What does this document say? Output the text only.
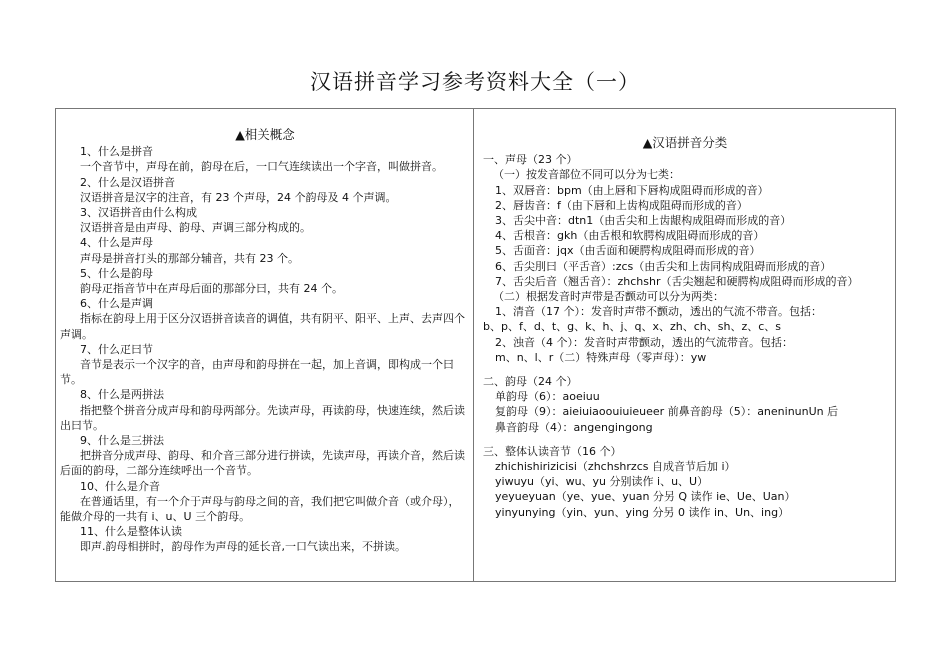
汉语拼音学习参考资料大全（一）
▲相关概念
1、什么是拼音
一个音节中，声母在前，韵母在后，一口气连续读出一个字音，叫做拼音。
2、什么是汉语拼音
汉语拼音是汉字的注音，有 23 个声母，24 个韵母及 4 个声调。
3、汉语拼音由什么构成
汉语拼音是由声母、韵母、声调三部分构成的。
4、什么是声母
声母是拼音打头的那部分辅音，共有 23 个。
5、什么是韵母
韵母疋指音节中在声母后面的那部分曰，共有 24 个。
6、什么是声调
指标在韵母上用于区分汉语拼音读音的调值，共有阴平、阳平、上声、去声四个声调。
7、什么疋曰节
音节是表示一个汉字的音，由声母和韵母拼在一起，加上音调，即构成一个曰节。
8、什么是两拼法
指把整个拼音分成声母和韵母两部分。先读声母，再读韵母，快速连续，然后读出曰节。
9、什么是三拼法
把拼音分成声母、韵母、和介音三部分进行拼读，先读声母，再读介音，然后读后面的韵母，二部分连续呼出一个音节。
10、什么是介音
在普通话里，有一个介于声母与韵母之间的音，我们把它叫做介音（或介母），能做介母的一共有 i、u、U 三个韵母。
11、什么是整体认读
即声.韵母相拼时，韵母作为声母的延长音,一口气读出来，不拼读。
▲汉语拼音分类
一、声母（23 个）
（一）按发音部位不同可以分为七类：
1、双唇音：bpm（由上唇和下唇构成阻碍而形成的音）
2、唇齿音：f（由下唇和上齿构成阻碍而形成的音）
3、舌尖中音：dtn1（由舌尖和上齿龈构成阻碍而形成的音）
4、舌根音：gkh（由舌根和软腭构成阻碍而形成的音）
5、舌面音：jqx（由舌面和硬腭构成阻碍而形成的音）
6、舌尖刖曰（平舌音）:zcs（由舌尖和上齿同构成阻碍而形成的音）
7、舌尖后音（翘舌音）：zhchshr（舌尖翘起和硬腭构成阻碍而形成的音）
（二）根据发音时声带是否颤动可以分为两类：
1、清音（17 个）：发音时声带不颤动，透出的气流不带音。包括：
b、p、f、d、t、g、k、h、j、q、x、zh、ch、sh、z、c、s
2、浊音（4 个）：发音时声带颤动，透出的气流带音。包括：
m、n、l、r（二）特殊声母（零声母）：yw
二、韵母（24 个）
单韵母（6）：aoeiuu
复韵母（9）：aieiuiaoouiuieueer 前鼻音韵母（5）：aneninunUn 后
鼻音韵母（4）：angengingong
三、整体认读音节（16 个）
zhichishirizicisi（zhchshrzcs 自成音节后加 i）
yiwuyu（yi、wu、yu 分别读作 i、u、U）
yeyueyuan（ye、yue、yuan 分另 Q 读作 ie、Ue、Uan）
yinyunying（yin、yun、ying 分另 0 读作 in、Un、ing）
